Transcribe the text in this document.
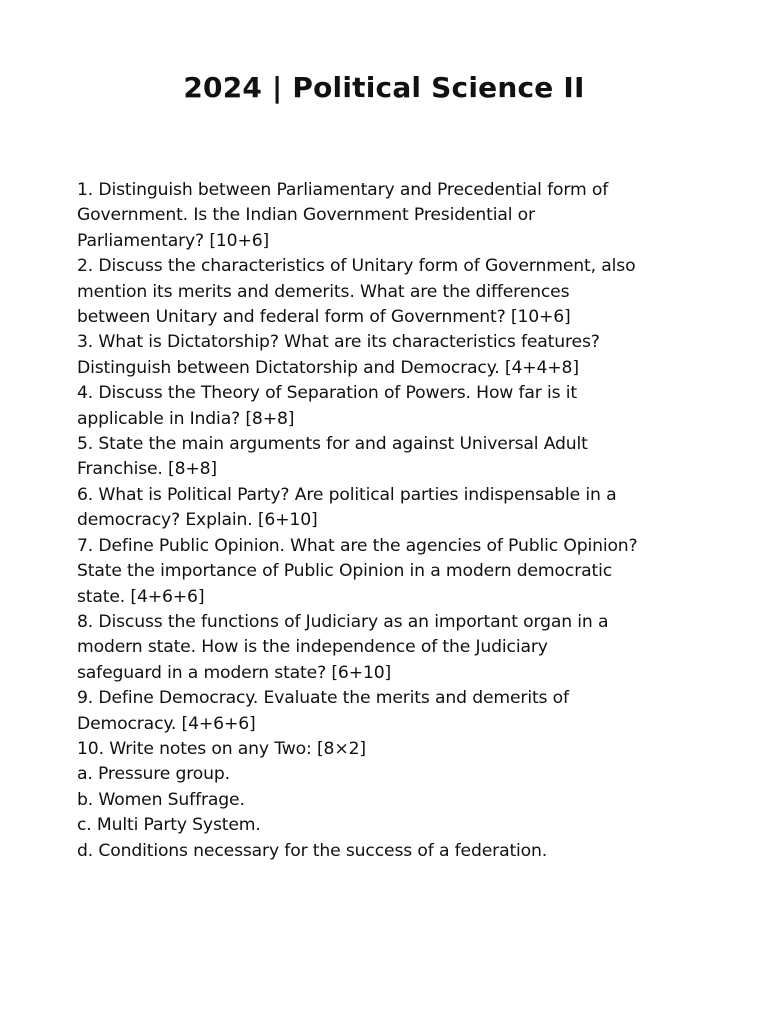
2024 | Political Science II
1. Distinguish between Parliamentary and Precedential form of
Government. Is the Indian Government Presidential or
Parliamentary? [10+6]
2. Discuss the characteristics of Unitary form of Government, also
mention its merits and demerits. What are the differences
between Unitary and federal form of Government? [10+6]
3. What is Dictatorship? What are its characteristics features?
Distinguish between Dictatorship and Democracy. [4+4+8]
4. Discuss the Theory of Separation of Powers. How far is it
applicable in India? [8+8]
5. State the main arguments for and against Universal Adult
Franchise. [8+8]
6. What is Political Party? Are political parties indispensable in a
democracy? Explain. [6+10]
7. Define Public Opinion. What are the agencies of Public Opinion?
State the importance of Public Opinion in a modern democratic
state. [4+6+6]
8. Discuss the functions of Judiciary as an important organ in a
modern state. How is the independence of the Judiciary
safeguard in a modern state? [6+10]
9. Define Democracy. Evaluate the merits and demerits of
Democracy. [4+6+6]
10. Write notes on any Two: [8×2]
a. Pressure group.
b. Women Suffrage.
c. Multi Party System.
d. Conditions necessary for the success of a federation.
